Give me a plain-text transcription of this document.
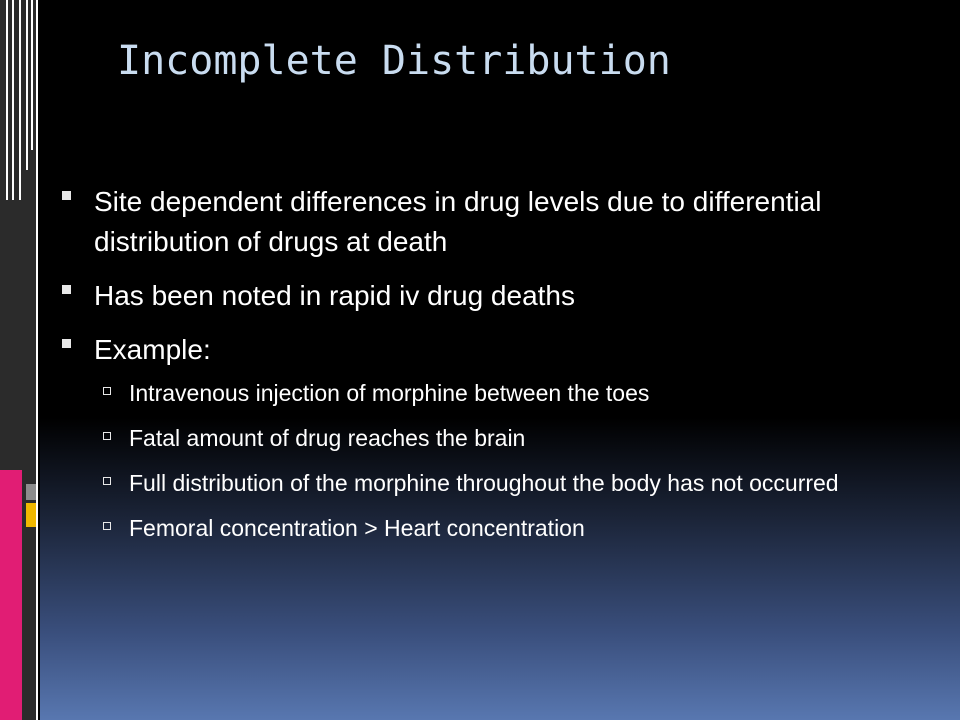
Incomplete Distribution
Site dependent differences in drug levels due to differential distribution of drugs at death
Has been noted in rapid iv drug deaths
Example:
Intravenous injection of morphine between the toes
Fatal amount of drug reaches the brain
Full distribution of the morphine throughout the body has not occurred
Femoral concentration > Heart concentration
